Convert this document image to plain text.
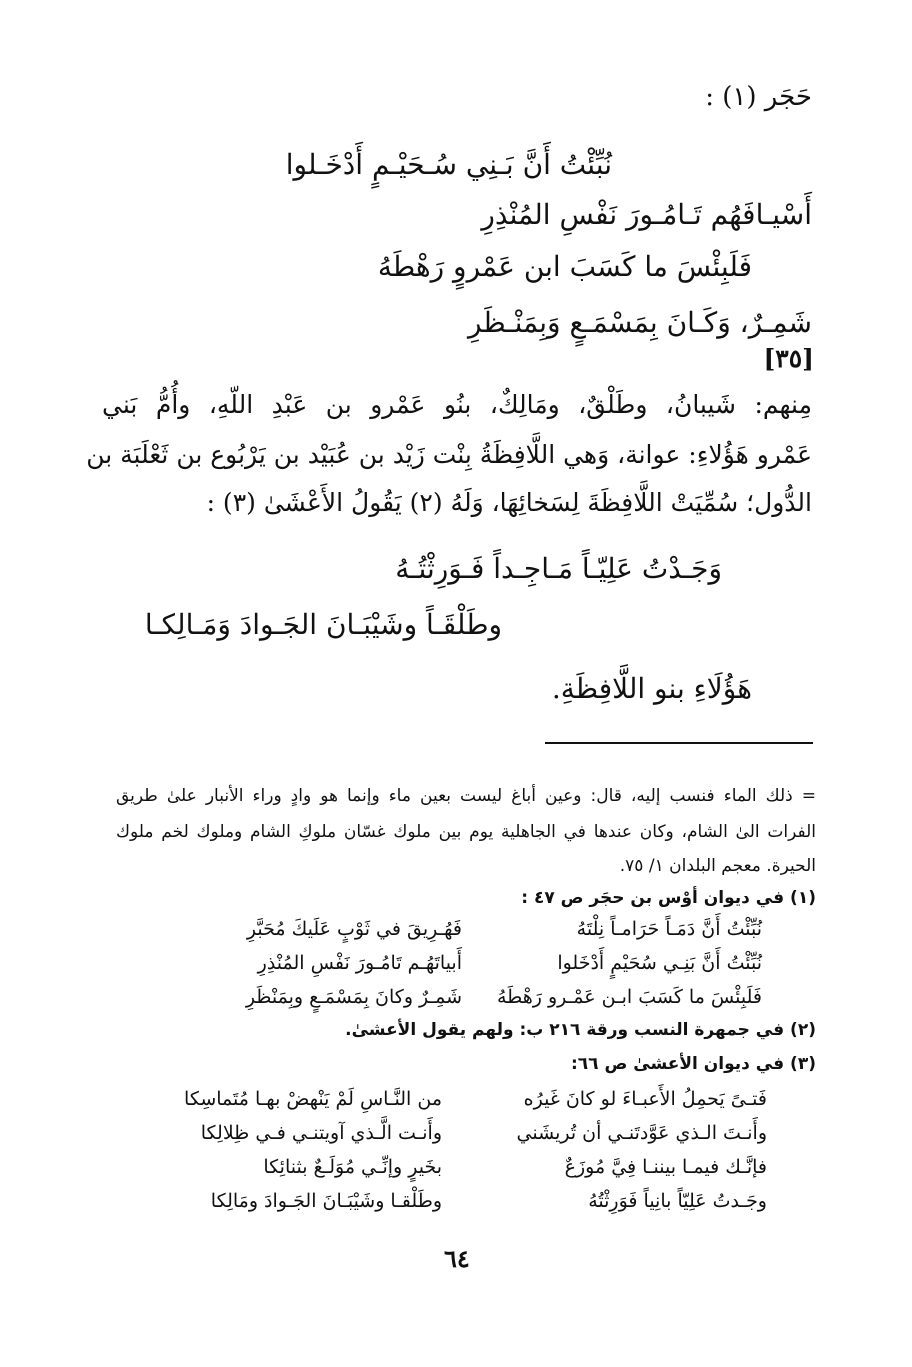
حَجَر (١) :
نُبِّئْتُ أَنَّ بَـنِي سُـحَيْـمٍ أَدْخَـلوا
أَسْيـافَهُم تَـامُـورَ نَفْسِ المُنْذِرِ
فَلَبِئْسَ ما كَسَبَ ابن عَمْروٍ رَهْطَهُ
شَمِـرٌ، وَكَـانَ بِمَسْمَـعٍ وَبِمَنْـظَرِ
[٣٥]
مِنهم: شَيبانُ، وطَلْقٌ، ومَالِكٌ، بنُو عَمْرو بن عَبْدِ اللّهِ، وأُمُّ بَني
عَمْرو هَؤُلاءِ: عوانة، وَهي اللَّافِظَةُ بِنْت زَيْد بن عُبَيْد بن يَرْبُوع بن ثَعْلَبَة بن
الدُّول؛ سُمِّيَتْ اللَّافِظَةَ لِسَخائِهَا، وَلَهُ (٢) يَقُولُ الأَعْشَىٰ (٣) :
وَجَـدْتُ عَلِيّـاً مَـاجِـداً فَـوَرِثْتُـهُ
وطَلْقَـاً وشَيْبَـانَ الجَـوادَ وَمَـالِكـا
هَؤُلَاءِ بنو اللَّافِظَةِ.
= ذلك الماء فنسب إليه، قال: وعين أباغ ليست بعين ماء وإنما هو وادٍ وراء الأنبار علىٰ طريق
الفرات الىٰ الشام، وكان عندها في الجاهلية يوم بين ملوك غسّان ملوكِ الشام وملوك لخم ملوك
الحيرة. معجم البلدان ١/ ٧٥.
(١) في ديوان أوْس بن حجَر ص ٤٧ :
نُبِّئْتُ أَنَّ دَمَـاً حَرَامـاً نِلْتَهُ
فَهُـرِيقَ في ثَوْبٍ عَلَيكَ مُحَبَّرِ
نُبِّئْتُ أَنَّ بَنِـي سُحَيْمٍ أَدْخَلوا
أَبياتَهُـم تَامُـورَ نَفْسِ المُنْذِرِ
فَلَبِئْسَ ما كَسَبَ ابـن عَمْـرو رَهْطَهُ
شَمِـرٌ وكانَ بِمَسْمَـعٍ وبِمَنْظَرِ
(٢) في جمهرة النسب ورقة ٢١٦ ب: ولهم يقول الأعشىٰ.
(٣) في ديوان الأعشىٰ ص ٦٦:
فَتـىً يَحمِلُ الأَعبـاءَ لو كانَ غَيرُه
من النَّـاسِ لَمْ يَنْهضْ بهـا مُتَماسِكا
وأَنـتَ الـذي عَوَّدتَنـي أن تُريشَني
وأَنـت الَّـذي آويتنـي فـي ظِلالِكا
فإنَّـك فيمـا بيننـا فِيَّ مُوزَعٌ
بخَيرٍ وإنِّـي مُوَلَـعٌ بثنائِكا
وجَـدتُ عَلِيّاً بانِياً فَوَرِثْتُهُ
وطَلْقـا وشَيْبَـانَ الجَـوادَ ومَالِكا
٦٤
